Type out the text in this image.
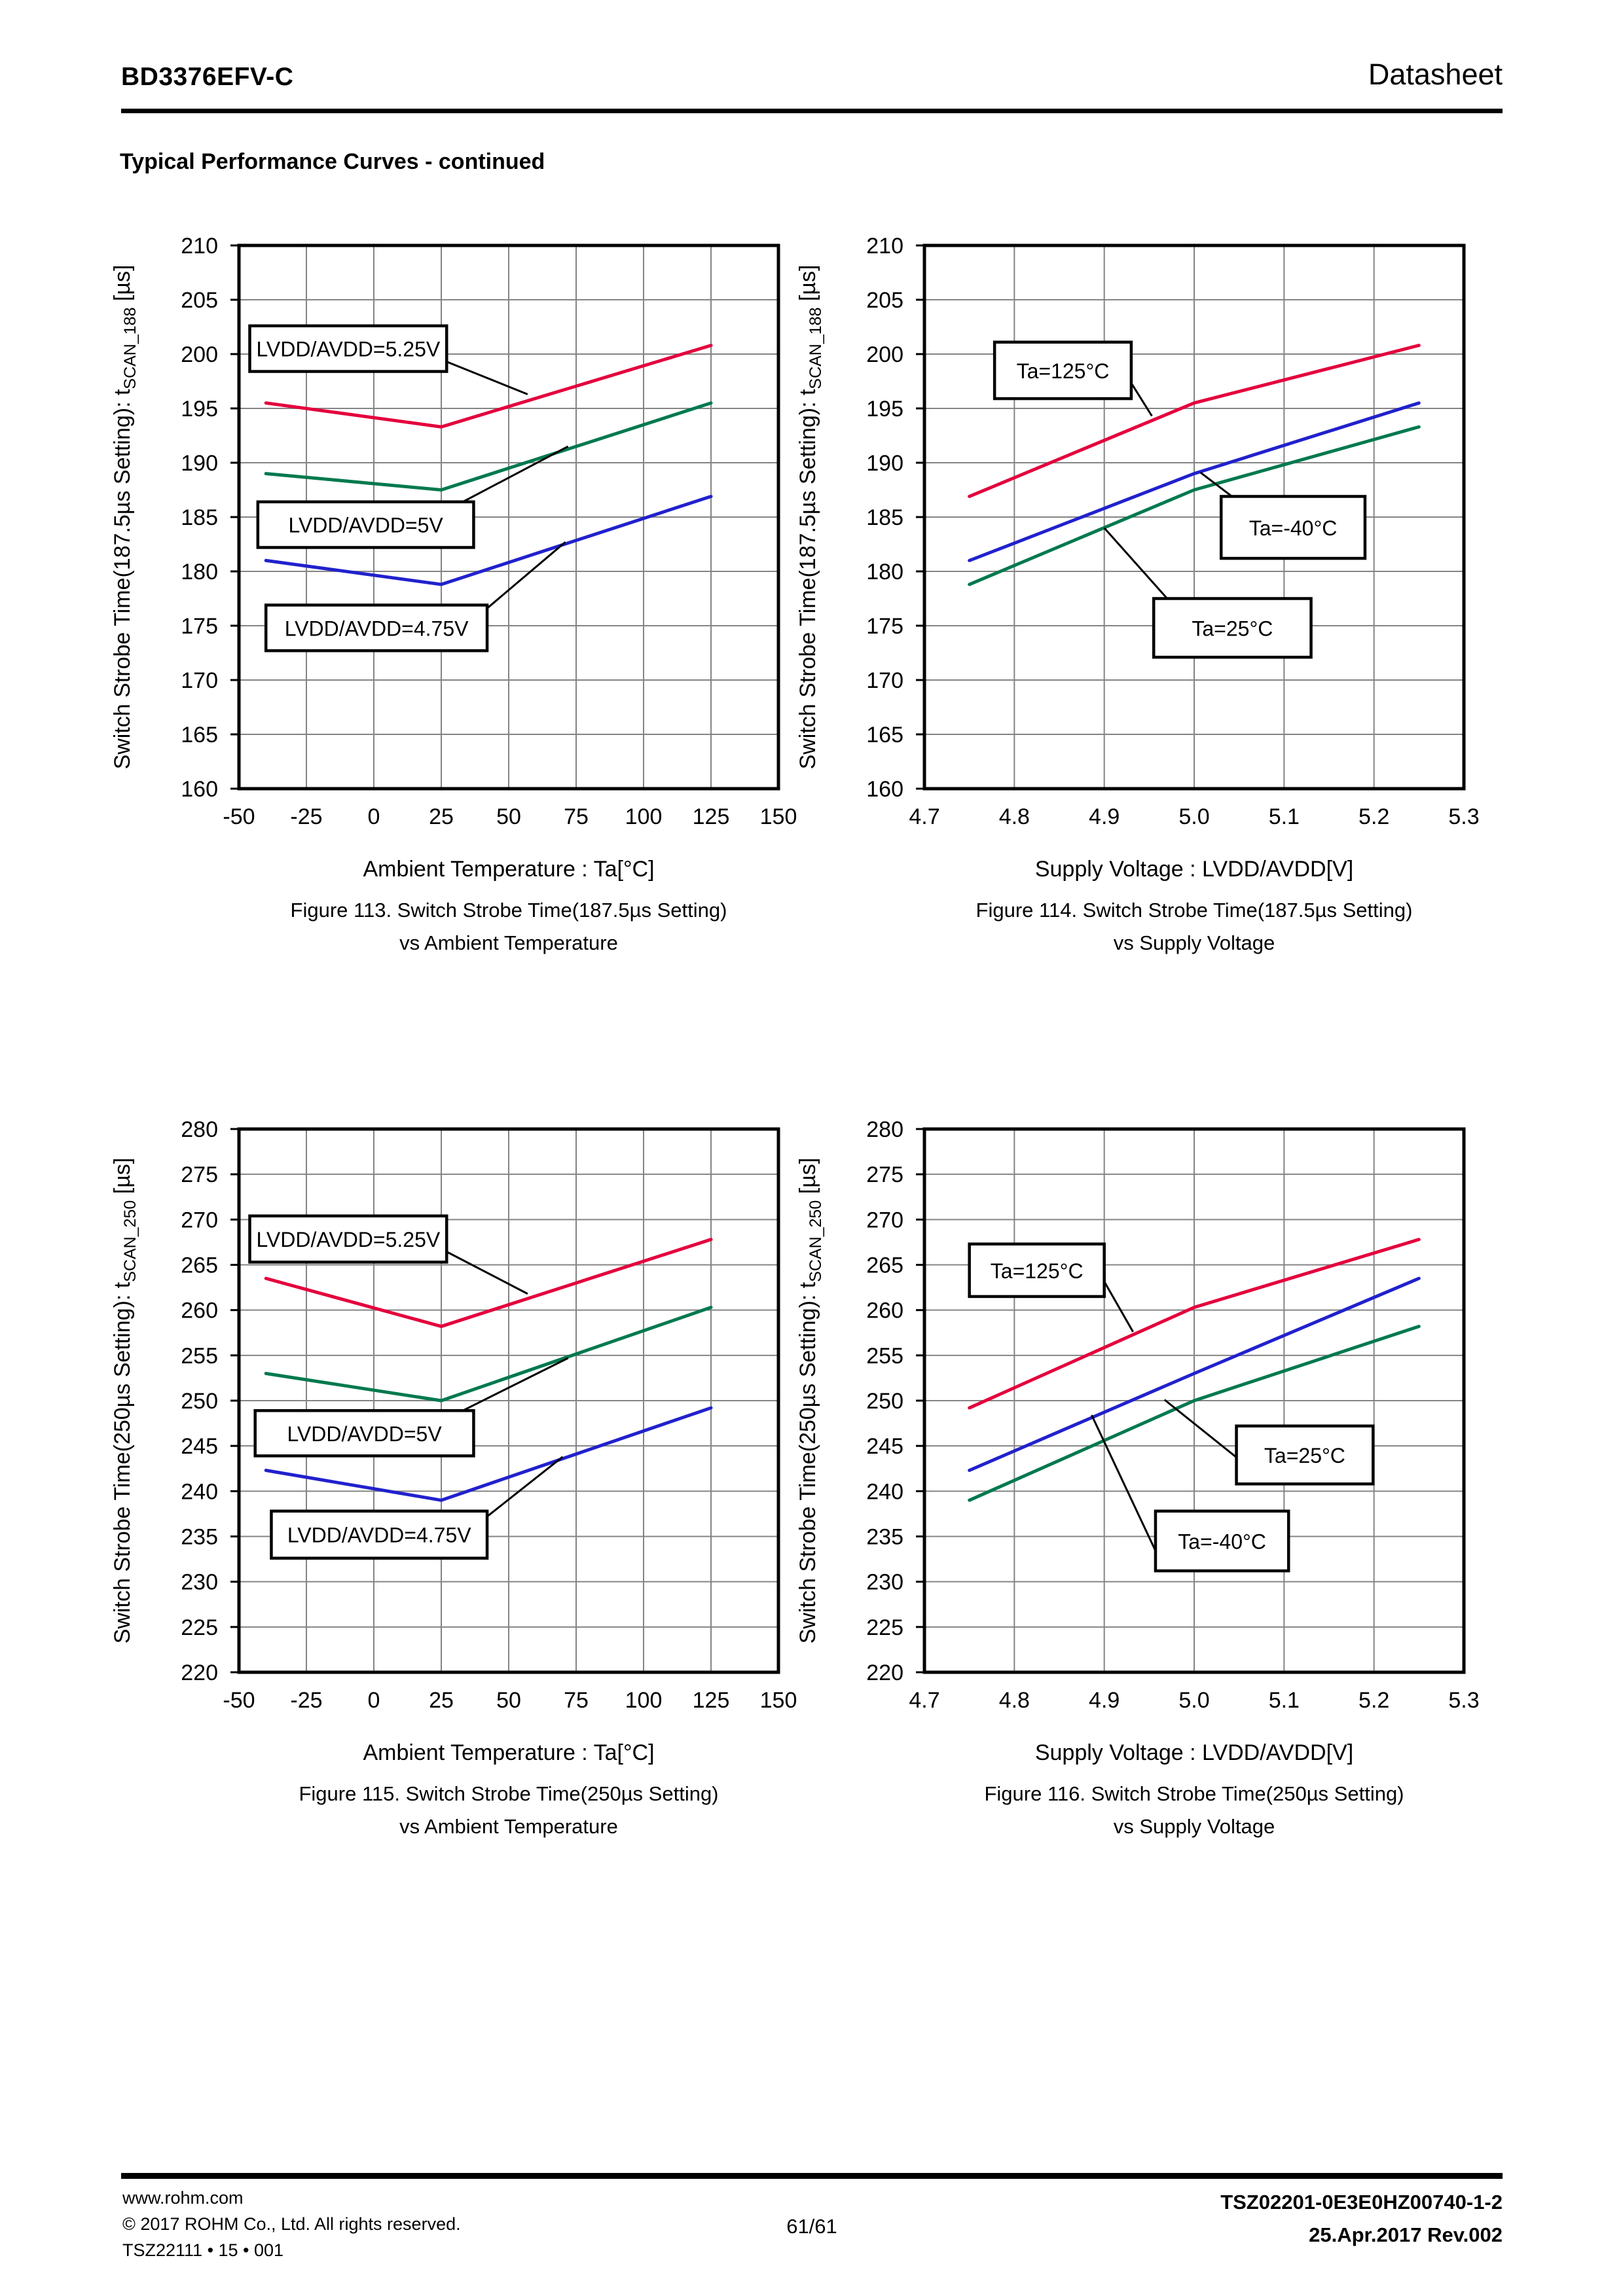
BD3376EFV-C	Datasheet
Typical Performance Curves - continued
-50 -25 0 25 50 75 100 125 150
160
165
170
175
180
185
190
195
200
205
210
LVDD/AVDD=5.25V
LVDD/AVDD=5V
LVDD/AVDD=4.75V
Ambient Temperature : Ta[°C]
Switch Strobe Time(187.5µs Setting): $t_{SCAN\_188}$ [µs]
Figure 113. Switch Strobe Time(187.5µs Setting)
vs Ambient Temperature
4.7	4.8	4.9	5.0	5.1	5.2	5.3
160
165
170
175
180
185
190
195
200
205
210
Ta=125°C
Ta=-40°C
Ta=25°C
Supply Voltage : LVDD/AVDD[V]
Switch Strobe Time(187.5µs Setting): $t_{SCAN\_188}$ [µs]
Figure 114. Switch Strobe Time(187.5µs Setting)
vs Supply Voltage
-50 -25 0 25 50 75 100 125 150
220
225
230
235
240
245
250
255
260
265
270
275
280
LVDD/AVDD=5.25V
LVDD/AVDD=5V
LVDD/AVDD=4.75V
Ambient Temperature : Ta[°C]
Switch Strobe Time(250µs Setting): $t_{SCAN\_250}$ [µs]
Figure 115. Switch Strobe Time(250µs Setting)
vs Ambient Temperature
4.7	4.8	4.9	5.0	5.1	5.2	5.3
220
225
230
235
240
245
250
255
260
265
270
275
280
Ta=125°C
Ta=25°C
Ta=-40°C
Supply Voltage : LVDD/AVDD[V]
Switch Strobe Time(250µs Setting): $t_{SCAN\_250}$ [µs]
Figure 116. Switch Strobe Time(250µs Setting)
vs Supply Voltage
www.rohm.com
© 2017 ROHM Co., Ltd. All rights reserved.
TSZ22111 • 15 • 001
61/61
TSZ02201-0E3E0HZ00740-1-2
25.Apr.2017 Rev.002
